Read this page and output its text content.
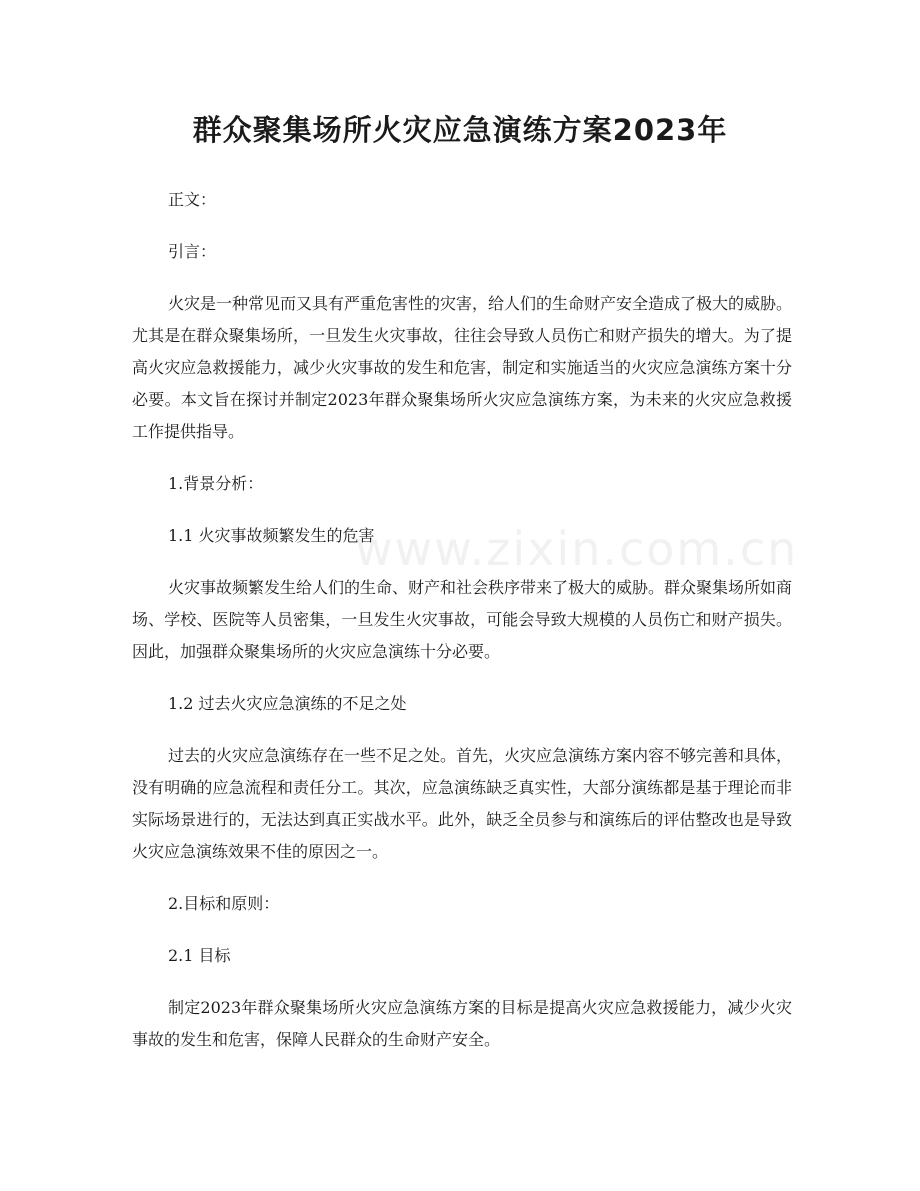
群众聚集场所火灾应急演练方案2023年
www.zixin.com.cn

正文：

引言：

火灾是一种常见而又具有严重危害性的灾害，给人们的生命财产安全造成了极大的威胁。尤其是在群众聚集场所，一旦发生火灾事故，往往会导致人员伤亡和财产损失的增大。为了提高火灾应急救援能力，减少火灾事故的发生和危害，制定和实施适当的火灾应急演练方案十分必要。本文旨在探讨并制定2023年群众聚集场所火灾应急演练方案，为未来的火灾应急救援工作提供指导。

1.背景分析：

1.1 火灾事故频繁发生的危害

火灾事故频繁发生给人们的生命、财产和社会秩序带来了极大的威胁。群众聚集场所如商场、学校、医院等人员密集，一旦发生火灾事故，可能会导致大规模的人员伤亡和财产损失。因此，加强群众聚集场所的火灾应急演练十分必要。

1.2 过去火灾应急演练的不足之处

过去的火灾应急演练存在一些不足之处。首先，火灾应急演练方案内容不够完善和具体，没有明确的应急流程和责任分工。其次，应急演练缺乏真实性，大部分演练都是基于理论而非实际场景进行的，无法达到真正实战水平。此外，缺乏全员参与和演练后的评估整改也是导致火灾应急演练效果不佳的原因之一。

2.目标和原则：

2.1 目标

制定2023年群众聚集场所火灾应急演练方案的目标是提高火灾应急救援能力，减少火灾事故的发生和危害，保障人民群众的生命财产安全。
